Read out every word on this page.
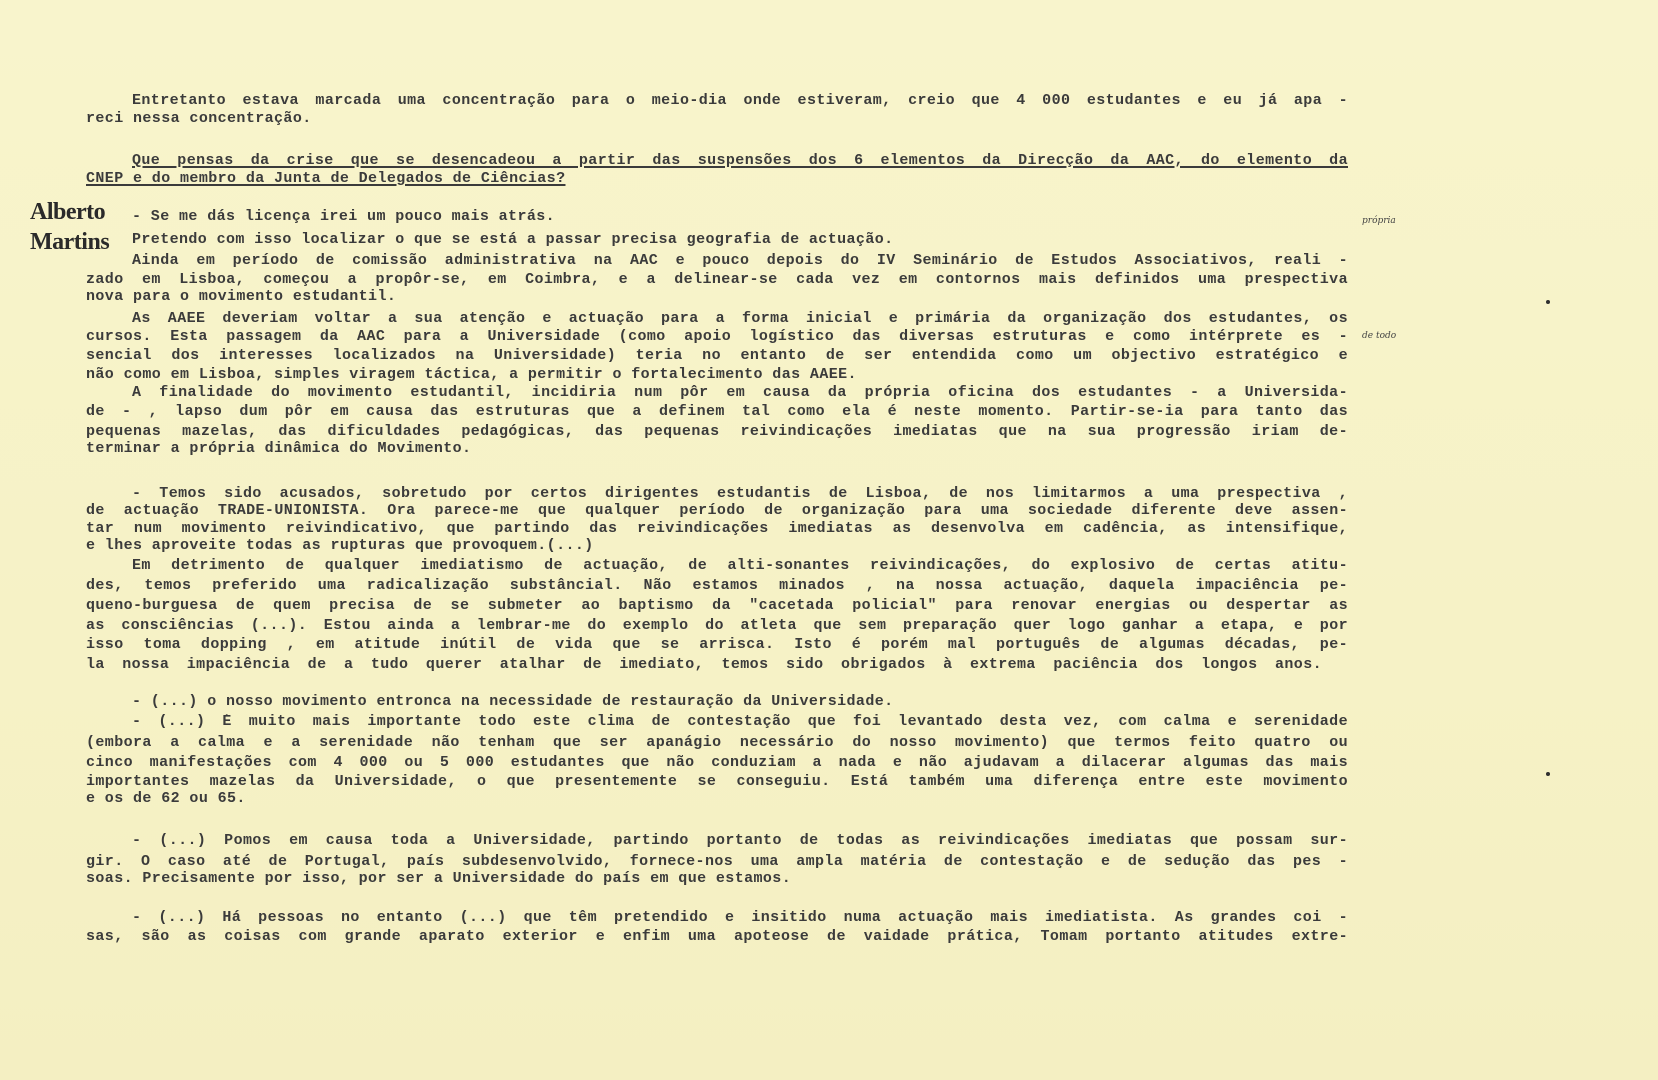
Alberto
Martins
Entretanto estava marcada uma concentração para o meio-dia onde estiveram, creio que 4 000 estudantes e eu já apa -
reci nessa concentração.
Que pensas da crise que se desencadeou a partir das suspensões dos 6 elementos da Direcção da AAC, do elemento da
CNEP e do membro da Junta de Delegados de Ciências?
- Se me dás licença irei um pouco mais atrás.
Pretendo com isso localizar o que se está a passar precisa geografia de actuação.
Ainda em período de comissão administrativa na AAC e pouco depois do IV Seminário de Estudos Associativos, reali -
zado em Lisboa, começou a propôr-se, em Coimbra, e a delinear-se cada vez em contornos mais definidos uma prespectiva
nova para o movimento estudantil.
As AAEE deveriam voltar a sua atenção e actuação para a forma inicial e primária da organização dos estudantes, os
cursos. Esta passagem da AAC para a Universidade (como apoio logístico das diversas estruturas e como intérprete es -
sencial dos interesses localizados na Universidade) teria no entanto de ser entendida como um objectivo estratégico e
não como em Lisboa, simples viragem táctica, a permitir o fortalecimento das AAEE.
A finalidade do movimento estudantil, incidiria num pôr em causa da própria oficina dos estudantes - a Universida-
de - , lapso dum pôr em causa das estruturas que a definem tal como ela é neste momento. Partir-se-ia para tanto das
pequenas mazelas, das dificuldades pedagógicas, das pequenas reivindicações imediatas que na sua progressão iriam de-
terminar a própria dinâmica do Movimento.
- Temos sido acusados, sobretudo por certos dirigentes estudantis de Lisboa, de nos limitarmos a uma prespectiva ,
de actuação TRADE-UNIONISTA. Ora parece-me que qualquer período de organização para uma sociedade diferente deve assen-
tar num movimento reivindicativo, que partindo das reivindicações imediatas as desenvolva em cadência, as intensifique,
e lhes aproveite todas as rupturas que provoquem.(...)
Em detrimento de qualquer imediatismo de actuação, de alti-sonantes reivindicações, do explosivo de certas atitu-
des, temos preferido uma radicalização substâncial. Não estamos minados , na nossa actuação, daquela impaciência pe-
queno-burguesa de quem precisa de se submeter ao baptismo da "cacetada policial" para renovar energias ou despertar as
as consciências (...). Estou ainda a lembrar-me do exemplo do atleta que sem preparação quer logo ganhar a etapa, e por
isso toma dopping , em atitude inútil de vida que se arrisca. Isto é porém mal português de algumas décadas, pe-
la nossa impaciência de a tudo querer atalhar de imediato, temos sido obrigados à extrema paciência dos longos anos.
- (...) o nosso movimento entronca na necessidade de restauração da Universidade.
- (...) É muito mais importante todo este clima de contestação que foi levantado desta vez, com calma e serenidade
(embora a calma e a serenidade não tenham que ser apanágio necessário do nosso movimento) que termos feito quatro ou
cinco manifestações com 4 000 ou 5 000 estudantes que não conduziam a nada e não ajudavam a dilacerar algumas das mais
importantes mazelas da Universidade, o que presentemente se conseguiu. Está também uma diferença entre este movimento
e os de 62 ou 65.
- (...) Pomos em causa toda a Universidade, partindo portanto de todas as reivindicações imediatas que possam sur-
gir. O caso até de Portugal, país subdesenvolvido, fornece-nos uma ampla matéria de contestação e de sedução das pes -
soas. Precisamente por isso, por ser a Universidade do país em que estamos.
- (...) Há pessoas no entanto (...) que têm pretendido e insitido numa actuação mais imediatista. As grandes coi -
sas, são as coisas com grande aparato exterior e enfim uma apoteose de vaidade prática, Tomam portanto atitudes extre-
própria
de todo
